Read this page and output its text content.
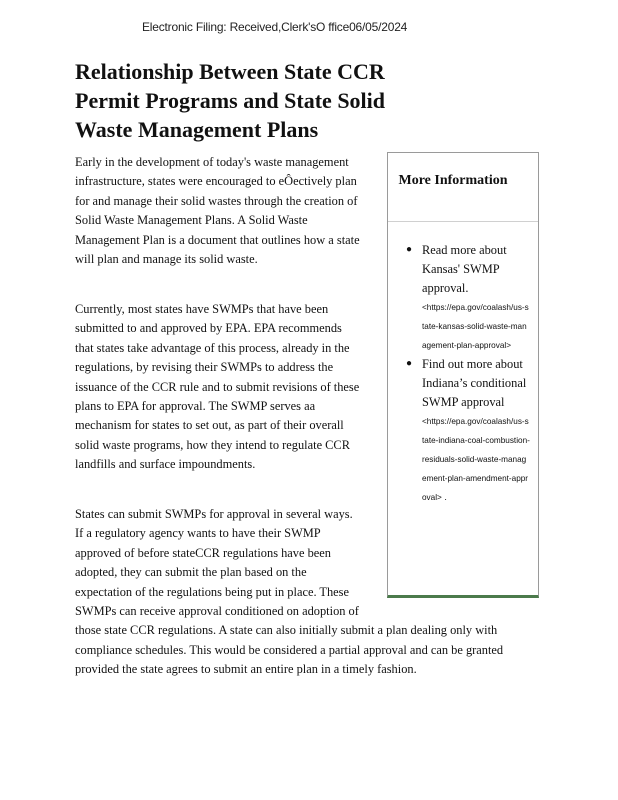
Electronic Filing: Received,Clerk'sO ffice06/05/2024
Relationship Between State CCR Permit Programs and State Solid Waste Management Plans

Early in the development of today's waste management infrastructure, states were encouraged to eÔectively plan for and manage their solid wastes through the creation of Solid Waste Management Plans. A Solid Waste Management Plan is a document that outlines how a state will plan and manage its solid waste.

Currently, most states have SWMPs that have been submitted to and approved by EPA. EPA recommends that states take advantage of this process, already in the regulations, by revising their SWMPs to address the issuance of the CCR rule and to submit revisions of these plans to EPA for approval. The SWMP serves aa mechanism for states to set out, as part of their overall solid waste programs, how they intend to regulate CCR landfills and surface impoundments.

States can submit SWMPs for approval in several ways. If a regulatory agency wants to have their SWMP approved of before stateCCR regulations have been adopted, they can submit the plan based on the expectation of the regulations being put in place. These SWMPs can receive approval conditioned on adoption of those state CCR regulations. A state can also initially submit a plan dealing only with compliance schedules. This would be considered a partial approval and can be granted provided the state agrees to submit an entire plan in a timely fashion.

More Information
● Read more about Kansas' SWMP approval.
<https://epa.gov/coalash/us-state-kansas-solid-waste-management-plan-approval>
● Find out more about Indiana’s conditional SWMP approval
<https://epa.gov/coalash/us-state-indiana-coal-combustion-residuals-solid-waste-management-plan-amendment-approval> .
